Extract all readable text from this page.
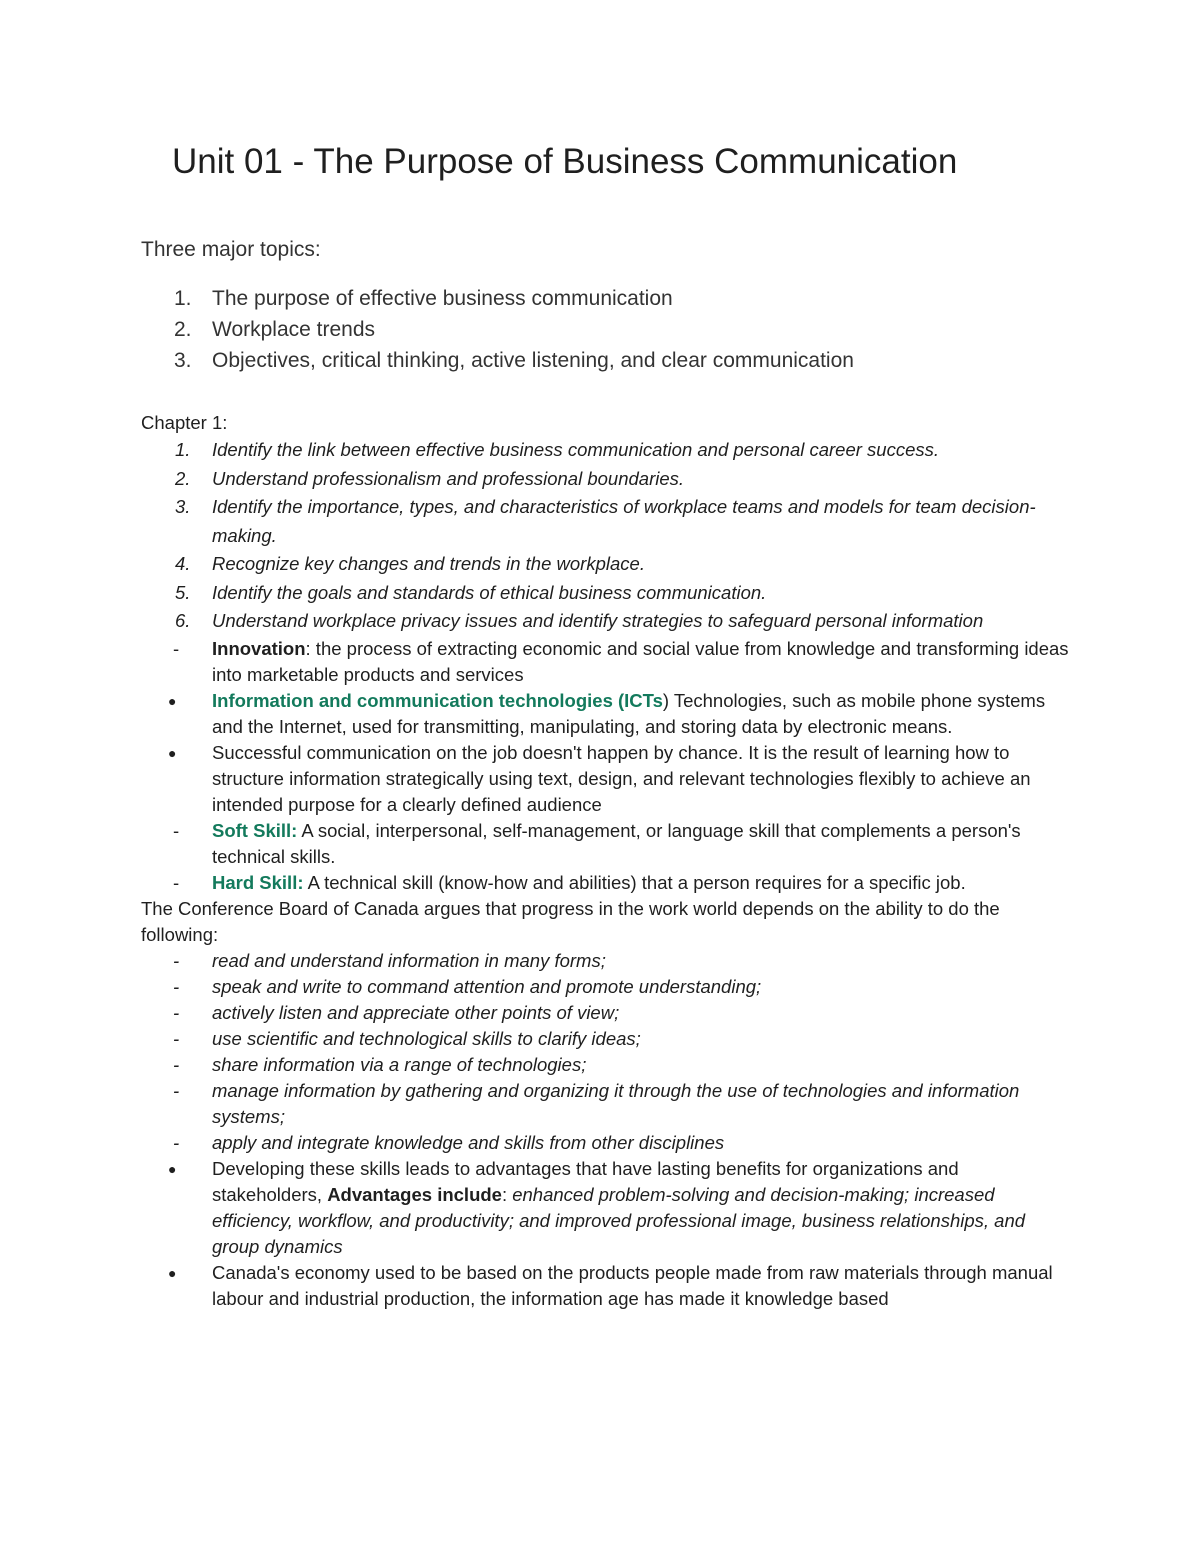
Unit 01 - The Purpose of Business Communication
Three major topics:
1. The purpose of effective business communication
2. Workplace trends
3. Objectives, critical thinking, active listening, and clear communication
Chapter 1:
1. Identify the link between effective business communication and personal career success.
2. Understand professionalism and professional boundaries.
3. Identify the importance, types, and characteristics of workplace teams and models for team decision-making.
4. Recognize key changes and trends in the workplace.
5. Identify the goals and standards of ethical business communication.
6. Understand workplace privacy issues and identify strategies to safeguard personal information
- Innovation: the process of extracting economic and social value from knowledge and transforming ideas into marketable products and services
● Information and communication technologies (ICTs) Technologies, such as mobile phone systems and the Internet, used for transmitting, manipulating, and storing data by electronic means.
● Successful communication on the job doesn't happen by chance. It is the result of learning how to structure information strategically using text, design, and relevant technologies flexibly to achieve an intended purpose for a clearly defined audience
- Soft Skill: A social, interpersonal, self-management, or language skill that complements a person's technical skills.
- Hard Skill: A technical skill (know-how and abilities) that a person requires for a specific job.
The Conference Board of Canada argues that progress in the work world depends on the ability to do the following:
- read and understand information in many forms;
- speak and write to command attention and promote understanding;
- actively listen and appreciate other points of view;
- use scientific and technological skills to clarify ideas;
- share information via a range of technologies;
- manage information by gathering and organizing it through the use of technologies and information systems;
- apply and integrate knowledge and skills from other disciplines
● Developing these skills leads to advantages that have lasting benefits for organizations and stakeholders, Advantages include: enhanced problem-solving and decision-making; increased efficiency, workflow, and productivity; and improved professional image, business relationships, and group dynamics
● Canada's economy used to be based on the products people made from raw materials through manual labour and industrial production, the information age has made it knowledge based
